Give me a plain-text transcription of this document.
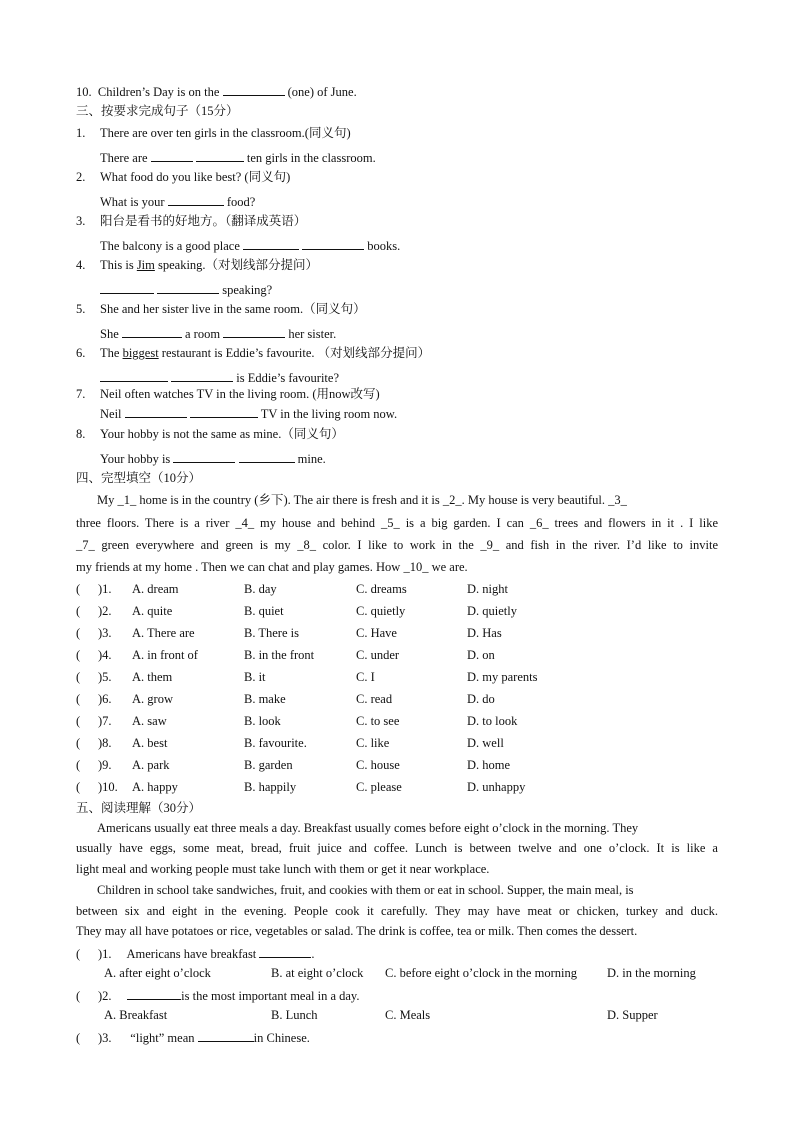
10. Children’s Day is on the	(one) of June.
三、按要求完成句子（15分）
1. There are over ten girls in the classroom.(同义句)
There are	ten girls in the classroom.
2. What food do you like best? (同义句)
What is your	food?
3. 阳台是看书的好地方。（翻译成英语）
The balcony is a good place	books.
4. This is Jim speaking.（对划线部分提问）
speaking?
5. She and her sister live in the same room.（同义句）
She	a room	her sister.
6. The biggest restaurant is Eddie’s favourite. （对划线部分提问）
is Eddie’s favourite?
7. Neil often watches TV in the living room. (用now改写)
Neil	TV in the living room now.
8. Your hobby is not the same as mine.（同义句）
Your hobby is	mine.
四、完型填空（10分）
My _1_ home is in the country (乡下). The air there is fresh and it is _2_. My house is very beautiful. _3_
three floors. There is a river _4_ my house and behind _5_ is a big garden. I can _6_ trees and flowers in it . I like
_7_ green everywhere and green is my _8_ color. I like to work in the _9_ and fish in the river. I’d like to invite
my friends at my home . Then we can chat and play games. How _10_ we are.
( )1. A. dream	B. day	C. dreams	D. night
( )2. A. quite	B. quiet	C. quietly	D. quietly
( )3. A. There are	B. There is	C. Have	D. Has
( )4. A. in front of	B. in the front	C. under	D. on
( )5. A. them	B. it	C. I	D. my parents
( )6. A. grow	B. make	C. read	D. do
( )7. A. saw	B. look	C. to see	D. to look
( )8. A. best	B. favourite.	C. like	D. well
( )9. A. park	B. garden	C. house	D. home
( )10. A. happy	B. happily	C. please	D. unhappy
五、阅读理解（30分）
Americans usually eat three meals a day. Breakfast usually comes before eight o’clock in the morning. They
usually have eggs, some meat, bread, fruit juice and coffee. Lunch is between twelve and one o’clock. It is like a
light meal and working people must take lunch with them or get it near workplace.
Children in school take sandwiches, fruit, and cookies with them or eat in school. Supper, the main meal, is
between six and eight in the evening. People cook it carefully. They may have meat or chicken, turkey and duck.
They may all have potatoes or rice, vegetables or salad. The drink is coffee, tea or milk. Then comes the dessert.
( )1. Americans have breakfast	.
A. after eight o’clock	B. at eight o’clock C. before eight o’clock in the morning D. in the morning
( )2.	is the most important meal in a day.
A. Breakfast	B. Lunch	C. Meals	D. Supper
( )3. “light” mean	in Chinese.
